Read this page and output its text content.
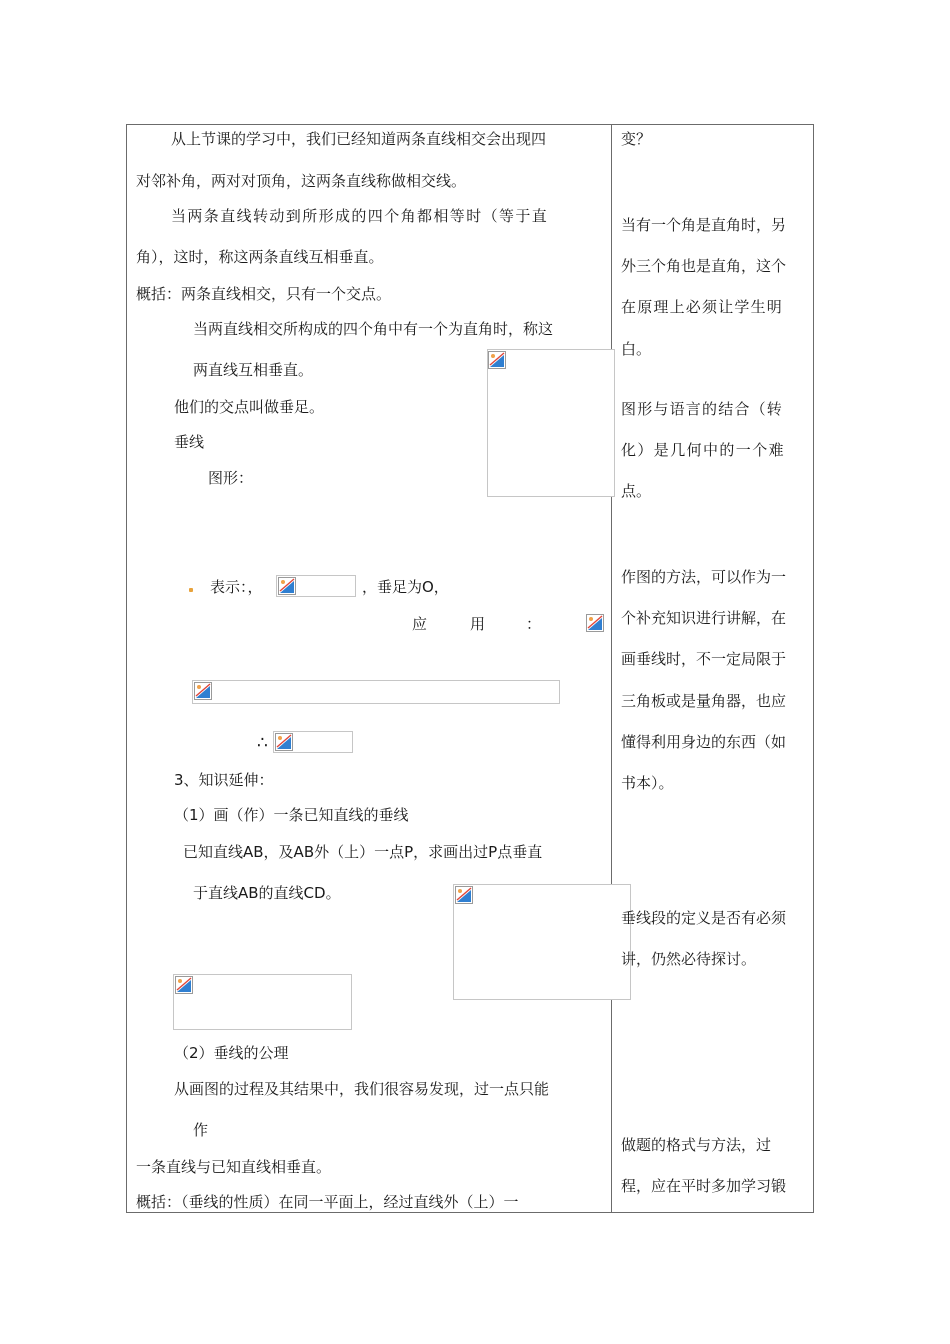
从上节课的学习中，我们已经知道两条直线相交会出现四
对邻补角，两对对顶角，这两条直线称做相交线。
当两条直线转动到所形成的四个角都相等时（等于直
角），这时，称这两条直线互相垂直。
概括：两条直线相交，只有一个交点。
当两直线相交所构成的四个角中有一个为直角时，称这
两直线互相垂直。
他们的交点叫做垂足。
垂线
图形：
表示：，	，垂足为O，
应	用	：
∴
3、知识延伸：
（1）画（作）一条已知直线的垂线
已知直线AB，及AB外（上）一点P，求画出过P点垂直
于直线AB的直线CD。
（2）垂线的公理
从画图的过程及其结果中，我们很容易发现，过一点只能
作
一条直线与已知直线相垂直。
概括：（垂线的性质）在同一平面上，经过直线外（上）一
变？
当有一个角是直角时，另
外三个角也是直角，这个
在原理上必须让学生明
白。
图形与语言的结合（转
化）是几何中的一个难
点。
作图的方法，可以作为一
个补充知识进行讲解，在
画垂线时，不一定局限于
三角板或是量角器，也应
懂得利用身边的东西（如
书本）。
垂线段的定义是否有必须
讲，仍然必待探讨。
做题的格式与方法，过
程，应在平时多加学习锻
